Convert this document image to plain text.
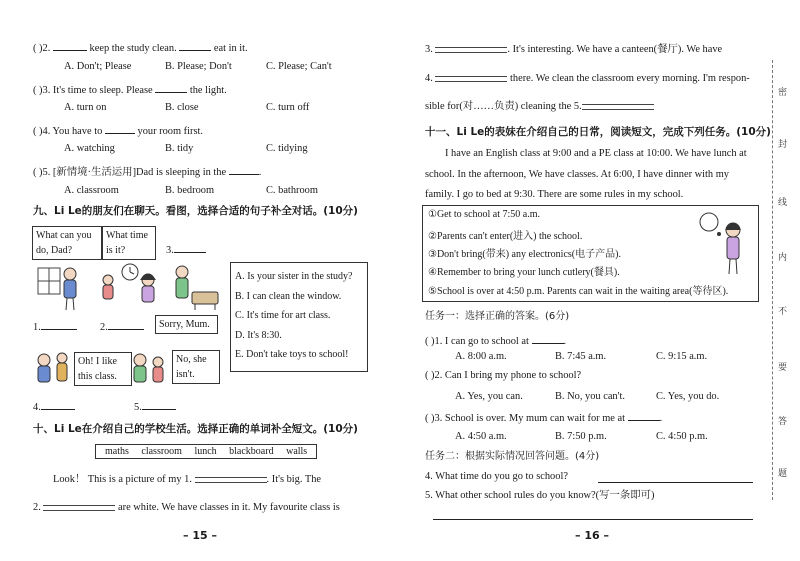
( )2.	keep the study clean.	eat in it.
A. Don't; Please	B. Please; Don't	C. Please; Can't
( )3. It's time to sleep. Please	the light.
A. turn on	B. close	C. turn off
( )4. You have to	your room first.
A. watching	B. tidy	C. tidying
( )5. [新情境·生活运用]Dad is sleeping in the	.
A. classroom	B. bedroom	C. bathroom
九、Li Le的朋友们在聊天。看图，选择合适的句子补全对话。(10分)
What can you do, Dad?
What time is it?	3.
1.	2.	Sorry, Mum.
A. Is your sister in the study?
B. I can clean the window.
C. It's time for art class.
D. It's 8:30.
E. Don't take toys to school!
Oh! I like this class.
No, she isn't.
4.	5.
十、Li Le在介绍自己的学校生活。选择正确的单词补全短文。(10分)
maths classroom lunch blackboard walls
Look！ This is a picture of my 1.	. It's big. The
2.	are white. We have classes in it. My favourite class is
– 15 –
3.	. It's interesting. We have a canteen(餐厅). We have
4.	there. We clean the classroom every morning. I'm respon-
sible for(对……负责) cleaning the 5.
十一、Li Le的表妹在介绍自己的日常，阅读短文，完成下列任务。(10分)
I have an English class at 9:00 and a PE class at 10:00. We have lunch at
school. In the afternoon, We have classes. At 6:00, I have dinner with my
family. I go to bed at 9:30. There are some rules in my school.
①Get to school at 7:50 a.m.
②Parents can't enter(进入) the school.
③Don't bring(带来) any electronics(电子产品).
④Remember to bring your lunch cutlery(餐具).
⑤School is over at 4:50 p.m. Parents can wait in the waiting area(等待区).
任务一：选择正确的答案。(6分)
( )1. I can go to school at	.
A. 8:00 a.m.	B. 7:45 a.m.	C. 9:15 a.m.
( )2. Can I bring my phone to school?
A. Yes, you can.	B. No, you can't.	C. Yes, you do.
( )3. School is over. My mum can wait for me at	.
A. 4:50 a.m.	B. 7:50 p.m.	C. 4:50 p.m.
任务二：根据实际情况回答问题。(4分)
4. What time do you go to school?
5. What other school rules do you know?(写一条即可)
– 16 –
密
封
线
内
不
要
答
题
